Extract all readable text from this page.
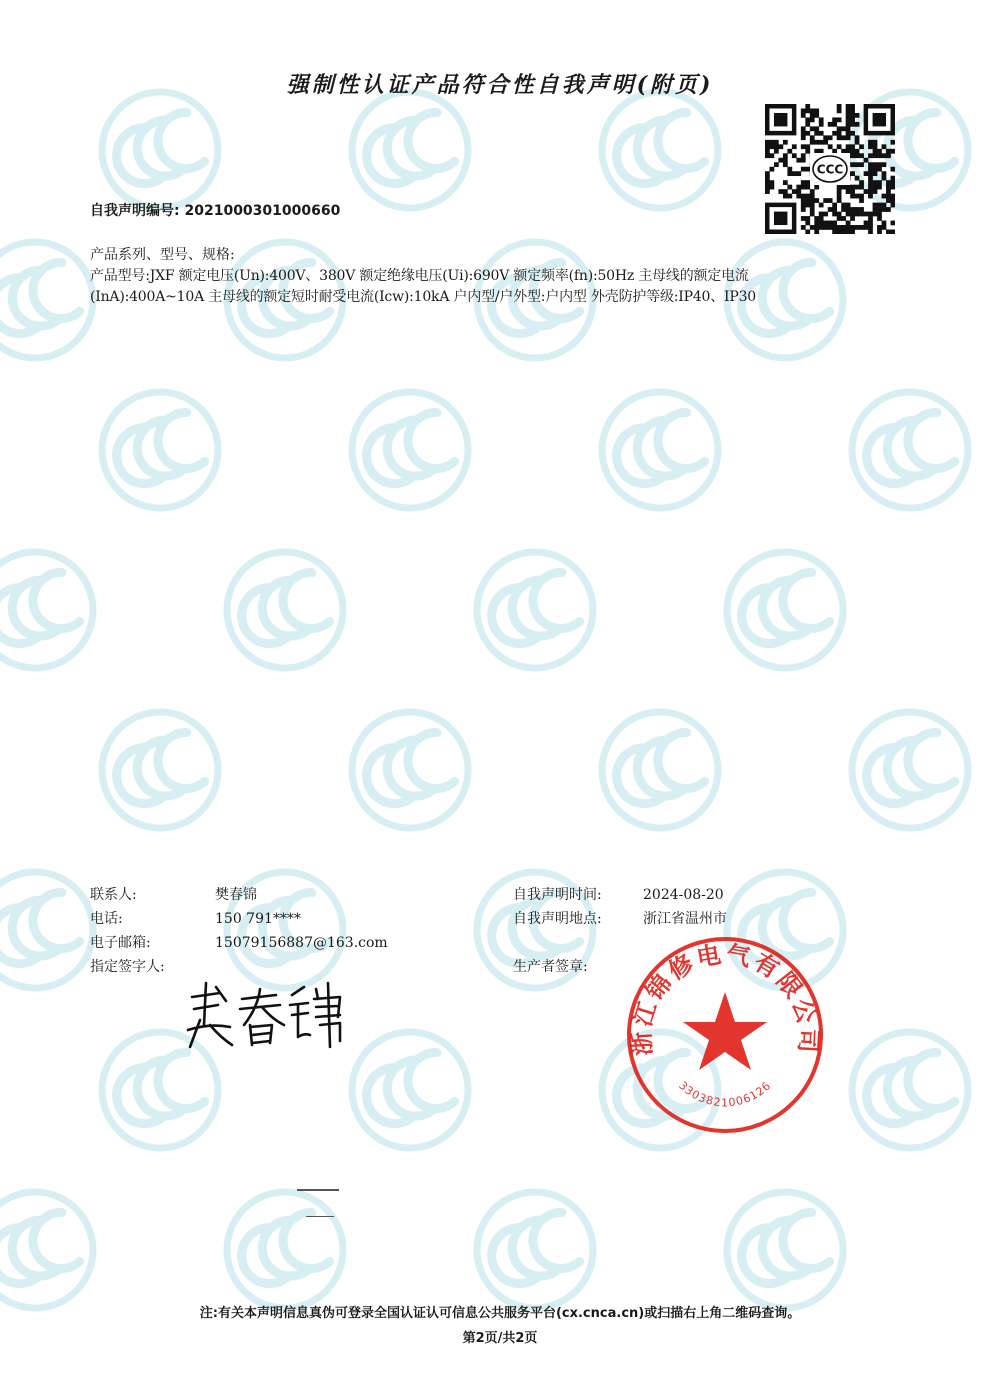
强制性认证产品符合性自我声明(附页)
CCC
自我声明编号: 2021000301000660
产品系列、型号、规格:
产品型号:JXF 额定电压(Un):400V、380V 额定绝缘电压(Ui):690V 额定频率(fn):50Hz 主母线的额定电流
(InA):400A~10A 主母线的额定短时耐受电流(Icw):10kA 户内型/户外型:户内型 外壳防护等级:IP40、IP30
联系人:	樊春锦
电话:	150 791****
电子邮箱:	15079156887@163.com
指定签字人:
自我声明时间:	2024-08-20
自我声明地点:	浙江省温州市
生产者签章:
浙江锦修电气有限公司
3303821006126
注:有关本声明信息真伪可登录全国认证认可信息公共服务平台(cx.cnca.cn)或扫描右上角二维码查询。
第2页/共2页
